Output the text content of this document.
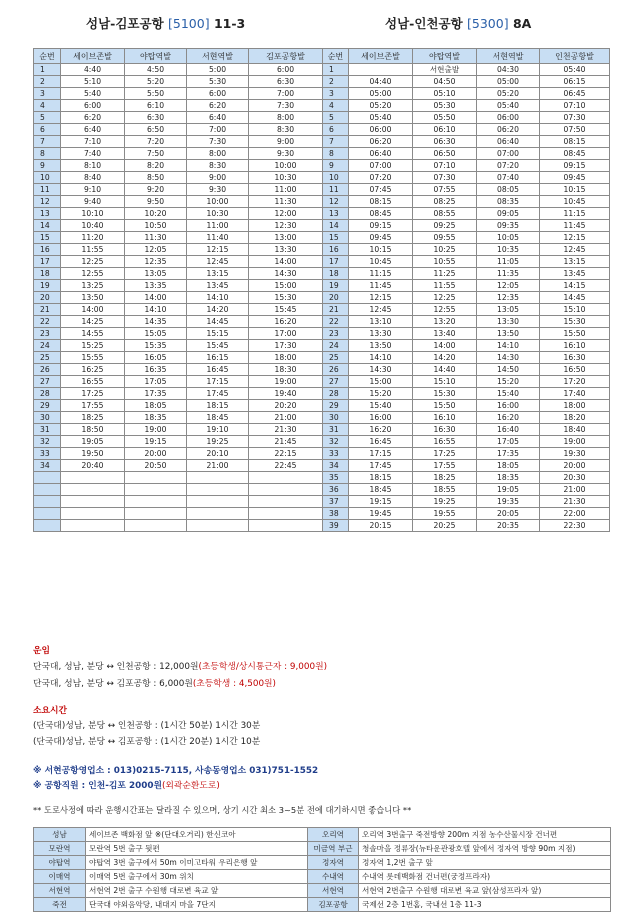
성남-김포공항 [5100] 11-3	성남-인천공항 [5300] 8A
순번	세이브존발	야탑역발	서현역발	김포공항발
1	4:40	4:50	5:00	6:00
2	5:10	5:20	5:30	6:30
3	5:40	5:50	6:00	7:00
4	6:00	6:10	6:20	7:30
5	6:20	6:30	6:40	8:00
6	6:40	6:50	7:00	8:30
7	7:10	7:20	7:30	9:00
8	7:40	7:50	8:00	9:30
9	8:10	8:20	8:30	10:00
10	8:40	8:50	9:00	10:30
11	9:10	9:20	9:30	11:00
12	9:40	9:50	10:00	11:30
13	10:10	10:20	10:30	12:00
14	10:40	10:50	11:00	12:30
15	11:20	11:30	11:40	13:00
16	11:55	12:05	12:15	13:30
17	12:25	12:35	12:45	14:00
18	12:55	13:05	13:15	14:30
19	13:25	13:35	13:45	15:00
20	13:50	14:00	14:10	15:30
21	14:00	14:10	14:20	15:45
22	14:25	14:35	14:45	16:20
23	14:55	15:05	15:15	17:00
24	15:25	15:35	15:45	17:30
25	15:55	16:05	16:15	18:00
26	16:25	16:35	16:45	18:30
27	16:55	17:05	17:15	19:00
28	17:25	17:35	17:45	19:40
29	17:55	18:05	18:15	20:20
30	18:25	18:35	18:45	21:00
31	18:50	19:00	19:10	21:30
32	19:05	19:15	19:25	21:45
33	19:50	20:00	20:10	22:15
34	20:40	20:50	21:00	22:45

순번	세이브존발	야탑역발	서현역발	인천공항발
1		서현출발	04:30	05:40
2	04:40	04:50	05:00	06:15
3	05:00	05:10	05:20	06:45
4	05:20	05:30	05:40	07:10
5	05:40	05:50	06:00	07:30
6	06:00	06:10	06:20	07:50
7	06:20	06:30	06:40	08:15
8	06:40	06:50	07:00	08:45
9	07:00	07:10	07:20	09:15
10	07:20	07:30	07:40	09:45
11	07:45	07:55	08:05	10:15
12	08:15	08:25	08:35	10:45
13	08:45	08:55	09:05	11:15
14	09:15	09:25	09:35	11:45
15	09:45	09:55	10:05	12:15
16	10:15	10:25	10:35	12:45
17	10:45	10:55	11:05	13:15
18	11:15	11:25	11:35	13:45
19	11:45	11:55	12:05	14:15
20	12:15	12:25	12:35	14:45
21	12:45	12:55	13:05	15:10
22	13:10	13:20	13:30	15:30
23	13:30	13:40	13:50	15:50
24	13:50	14:00	14:10	16:10
25	14:10	14:20	14:30	16:30
26	14:30	14:40	14:50	16:50
27	15:00	15:10	15:20	17:20
28	15:20	15:30	15:40	17:40
29	15:40	15:50	16:00	18:00
30	16:00	16:10	16:20	18:20
31	16:20	16:30	16:40	18:40
32	16:45	16:55	17:05	19:00
33	17:15	17:25	17:35	19:30
34	17:45	17:55	18:05	20:00
35	18:15	18:25	18:35	20:30
36	18:45	18:55	19:05	21:00
37	19:15	19:25	19:35	21:30
38	19:45	19:55	20:05	22:00
39	20:15	20:25	20:35	22:30
운임
단국대, 성남, 분당 ↔ 인천공항 : 12,000원(초등학생/상시통근자 : 9,000원)
단국대, 성남, 분당 ↔ 김포공항 : 6,000원(초등학생 : 4,500원)
소요시간
(단국대)성남, 분당 ↔ 인천공항 : (1시간 50분) 1시간 30분
(단국대)성남, 분당 ↔ 김포공항 : (1시간 20분) 1시간 10분
※ 서현공항영업소 : 013)0215-7115, 사송동영업소 031)751-1552
※ 공항직원 : 인천-김포 2000원(외곽순환도로)
** 도로사정에 따라 운행시간표는 달라질 수 있으며, 상기 시간 최소 3~5분 전에 대기하시면 좋습니다 **
성남	세이브존 백화점 앞 ※(단대오거리) 한신코아	오리역	오리역 3번출구 죽전방향 200m 지점 농수산물시장 건너편
모란역	모란역 5번 출구 뒷편	미금역 부근	청솔마을 정류장(뉴타운관광호텔 앞에서 정자역 방향 90m 지점)
야탑역	야탑역 3번 출구에서 50m 이미고타워 우리은행 앞	정자역	정자역 1,2번 출구 앞
이매역	이매역 5번 출구에서 30m 위치	수내역	수내역 롯데백화점 건너편(궁정프라자)
서현역	서현역 2번 출구 수원행 대로변 육교 앞	서현역	서현역 2번출구 수원행 대로변 육교 앞(삼성프라자 앞)
죽전	단국대 야외음악당, 내대지 마을 7단지	김포공항	국제선 2층 1번홈, 국내선 1층 11-3
